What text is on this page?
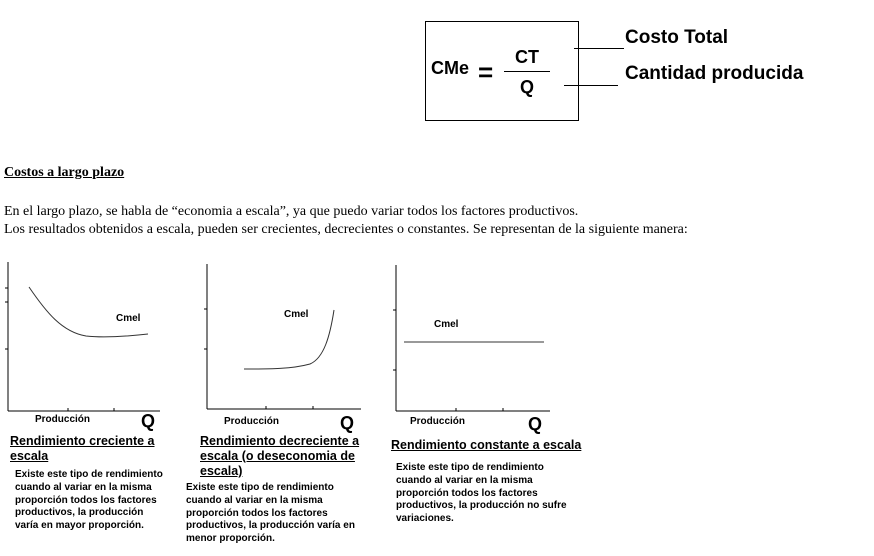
CMe = CT
Q
Costo Total
Cantidad producida
Costos a largo plazo
En el largo plazo, se habla de “economia a escala”, ya que puedo variar todos los factores productivos.
Los resultados obtenidos a escala, pueden ser crecientes, decrecientes o constantes. Se representan de la siguiente manera:
Cmel
Producción	Q
Rendimiento creciente a
escala
Existe este tipo de rendimiento
cuando al variar en la misma
proporción todos los factores
productivos, la producción
varía en mayor proporción.
Cmel
Producción	Q
Rendimiento decreciente a
escala (o deseconomia de
escala)
Existe este tipo de rendimiento
cuando al variar en la misma
proporción todos los factores
productivos, la producción varía en
menor proporción.
Cmel
Producción	Q
Rendimiento constante a escala
Existe este tipo de rendimiento
cuando al variar en la misma
proporción todos los factores
productivos, la producción no sufre
variaciones.
